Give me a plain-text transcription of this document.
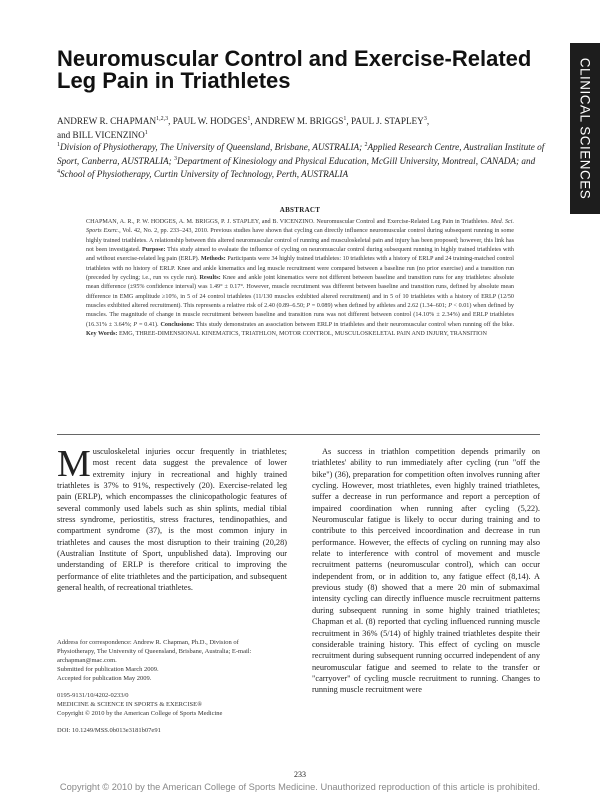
CLINICAL SCIENCES
Neuromuscular Control and Exercise-Related Leg Pain in Triathletes
ANDREW R. CHAPMAN$^{1,2,3}$, PAUL W. HODGES$^1$, ANDREW M. BRIGGS$^1$, PAUL J. STAPLEY$^3$,
and BILL VICENZINO$^1$
$^1$Division of Physiotherapy, The University of Queensland, Brisbane, AUSTRALIA; $^2$Applied Research Centre, Australian Institute of Sport, Canberra, AUSTRALIA; $^3$Department of Kinesiology and Physical Education, McGill University, Montreal, CANADA; and $^4$School of Physiotherapy, Curtin University of Technology, Perth, AUSTRALIA
ABSTRACT
CHAPMAN, A. R., P. W. HODGES, A. M. BRIGGS, P. J. STAPLEY, and B. VICENZINO. Neuromuscular Control and Exercise-Related Leg Pain in Triathletes. Med. Sci. Sports Exerc., Vol. 42, No. 2, pp. 233–243, 2010. Previous studies have shown that cycling can directly influence neuromuscular control during subsequent running in some highly trained triathletes. A relationship between this altered neuromuscular control of running and musculoskeletal pain and injury has been proposed; however, this link has not been investigated. Purpose: This study aimed to evaluate the influence of cycling on neuromuscular control during subsequent running in highly trained triathletes with and without exercise-related leg pain (ERLP). Methods: Participants were 34 highly trained triathletes: 10 triathletes with a history of ERLP and 24 training-matched control triathletes with no history of ERLP. Knee and ankle kinematics and leg muscle recruitment were compared between a baseline run (no prior exercise) and a transition run (preceded by cycling; i.e., run vs cycle run). Results: Knee and ankle joint kinematics were not different between baseline and transition runs for any triathletes: absolute mean difference (±95% confidence interval) was 1.49° ± 0.17°. However, muscle recruitment was different between baseline and transition runs, defined by absolute mean difference in EMG amplitude ≥10%, in 5 of 24 control triathletes (11/130 muscles exhibited altered recruitment) and in 5 of 10 triathletes with a history of ERLP (12/50 muscles exhibited altered recruitment). This represents a relative risk of 2.40 (0.89–6.50; P = 0.089) when defined by athletes and 2.62 (1.34–601; P < 0.01) when defined by muscles. The magnitude of change in muscle recruitment between baseline and transition runs was not different between control (14.10% ± 2.34%) and ERLP triathletes (16.31% ± 3.64%; P = 0.41). Conclusions: This study demonstrates an association between ERLP in triathletes and their neuromuscular control when running off the bike. Key Words: EMG, THREE-DIMENSIONAL KINEMATICS, TRIATHLON, MOTOR CONTROL, MUSCULOSKELETAL PAIN AND INJURY, TRANSITION

Musculoskeletal injuries occur frequently in triathletes; most recent data suggest the prevalence of lower extremity injury in recreational and highly trained triathletes is 37% to 91%, respectively (20). Exercise-related leg pain (ERLP), which encompasses the clinicopathologic features of several commonly used labels such as shin splints, medial tibial stress syndrome, periostitis, stress fractures, tendinopathies, and compartment syndrome (37), is the most common injury in triathletes and causes the most disruption to their training (20,28) (Australian Institute of Sport, unpublished data). Improving our understanding of ERLP is therefore critical to improving the performance of elite triathletes and the participation, and subsequent general health, of recreational triathletes.

As success in triathlon competition depends primarily on triathletes' ability to run immediately after cycling (run "off the bike") (36), preparation for competition often involves running after cycling. However, most triathletes, even highly trained triathletes, suffer a decrease in run performance and report a perception of impaired coordination when running after cycling (5,22). Neuromuscular fatigue is likely to occur during training and to contribute to this perceived incoordination and decrease in run performance. However, the effects of cycling on running may also relate to interference with control of movement and muscle recruitment patterns (neuromuscular control), which can occur independent from, or in addition to, any fatigue effect (8,14). A previous study (8) showed that a mere 20 min of submaximal intensity cycling can directly influence muscle recruitment patterns during subsequent running in some highly trained triathletes; Chapman et al. (8) reported that cycling influenced running muscle recruitment in 36% (5/14) of highly trained triathletes despite their considerable training history. This effect of cycling on muscle recruitment during subsequent running occurred independent of any neuromuscular fatigue and seemed to relate to the transfer or "carryover" of cycling muscle recruitment to running. Changes to running muscle recruitment were

Address for correspondence: Andrew R. Chapman, Ph.D., Division of
Physiotherapy, The University of Queensland, Brisbane, Australia; E-mail:
archapman@mac.com.
Submitted for publication March 2009.
Accepted for publication May 2009.
0195-9131/10/4202-0233/0
MEDICINE & SCIENCE IN SPORTS & EXERCISE®
Copyright © 2010 by the American College of Sports Medicine
DOI: 10.1249/MSS.0b013e3181b07e91
233
Copyright © 2010 by the American College of Sports Medicine. Unauthorized reproduction of this article is prohibited.
